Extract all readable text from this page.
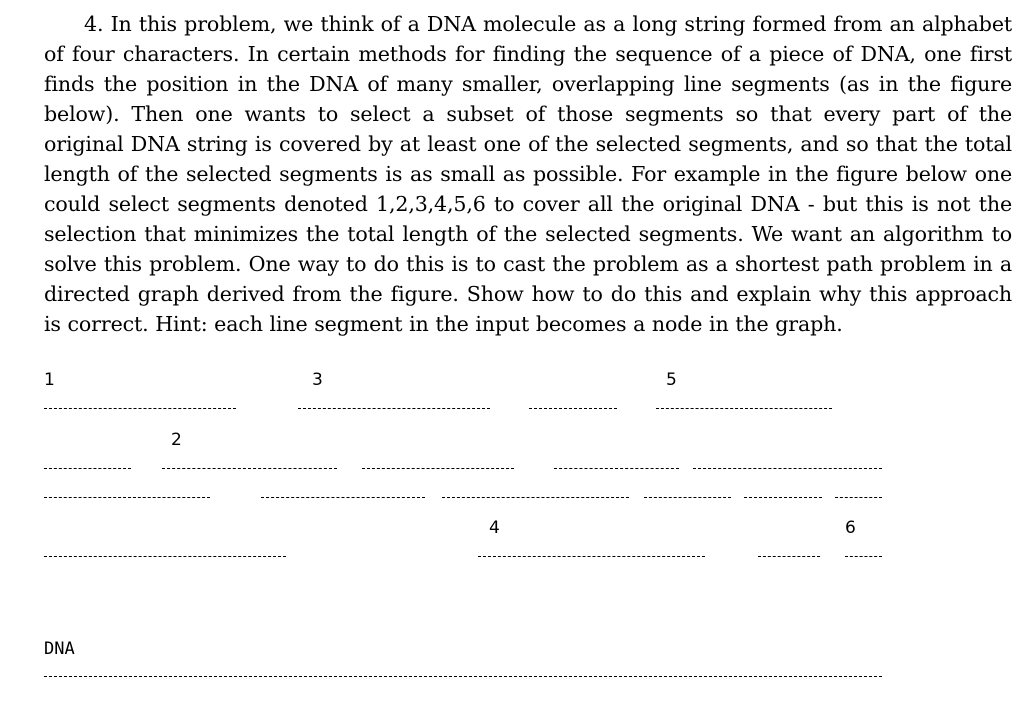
4. In this problem, we think of a DNA molecule as a long string formed from an alphabet of four characters. In certain methods for finding the sequence of a piece of DNA, one first finds the position in the DNA of many smaller, overlapping line segments (as in the figure below). Then one wants to select a subset of those segments so that every part of the original DNA string is covered by at least one of the selected segments, and so that the total length of the selected segments is as small as possible. For example in the figure below one could select segments denoted 1,2,3,4,5,6 to cover all the original DNA - but this is not the selection that minimizes the total length of the selected segments. We want an algorithm to solve this problem. One way to do this is to cast the problem as a shortest path problem in a directed graph derived from the figure. Show how to do this and explain why this approach is correct. Hint: each line segment in the input becomes a node in the graph.

1
2
3
4
5
6
DNA
